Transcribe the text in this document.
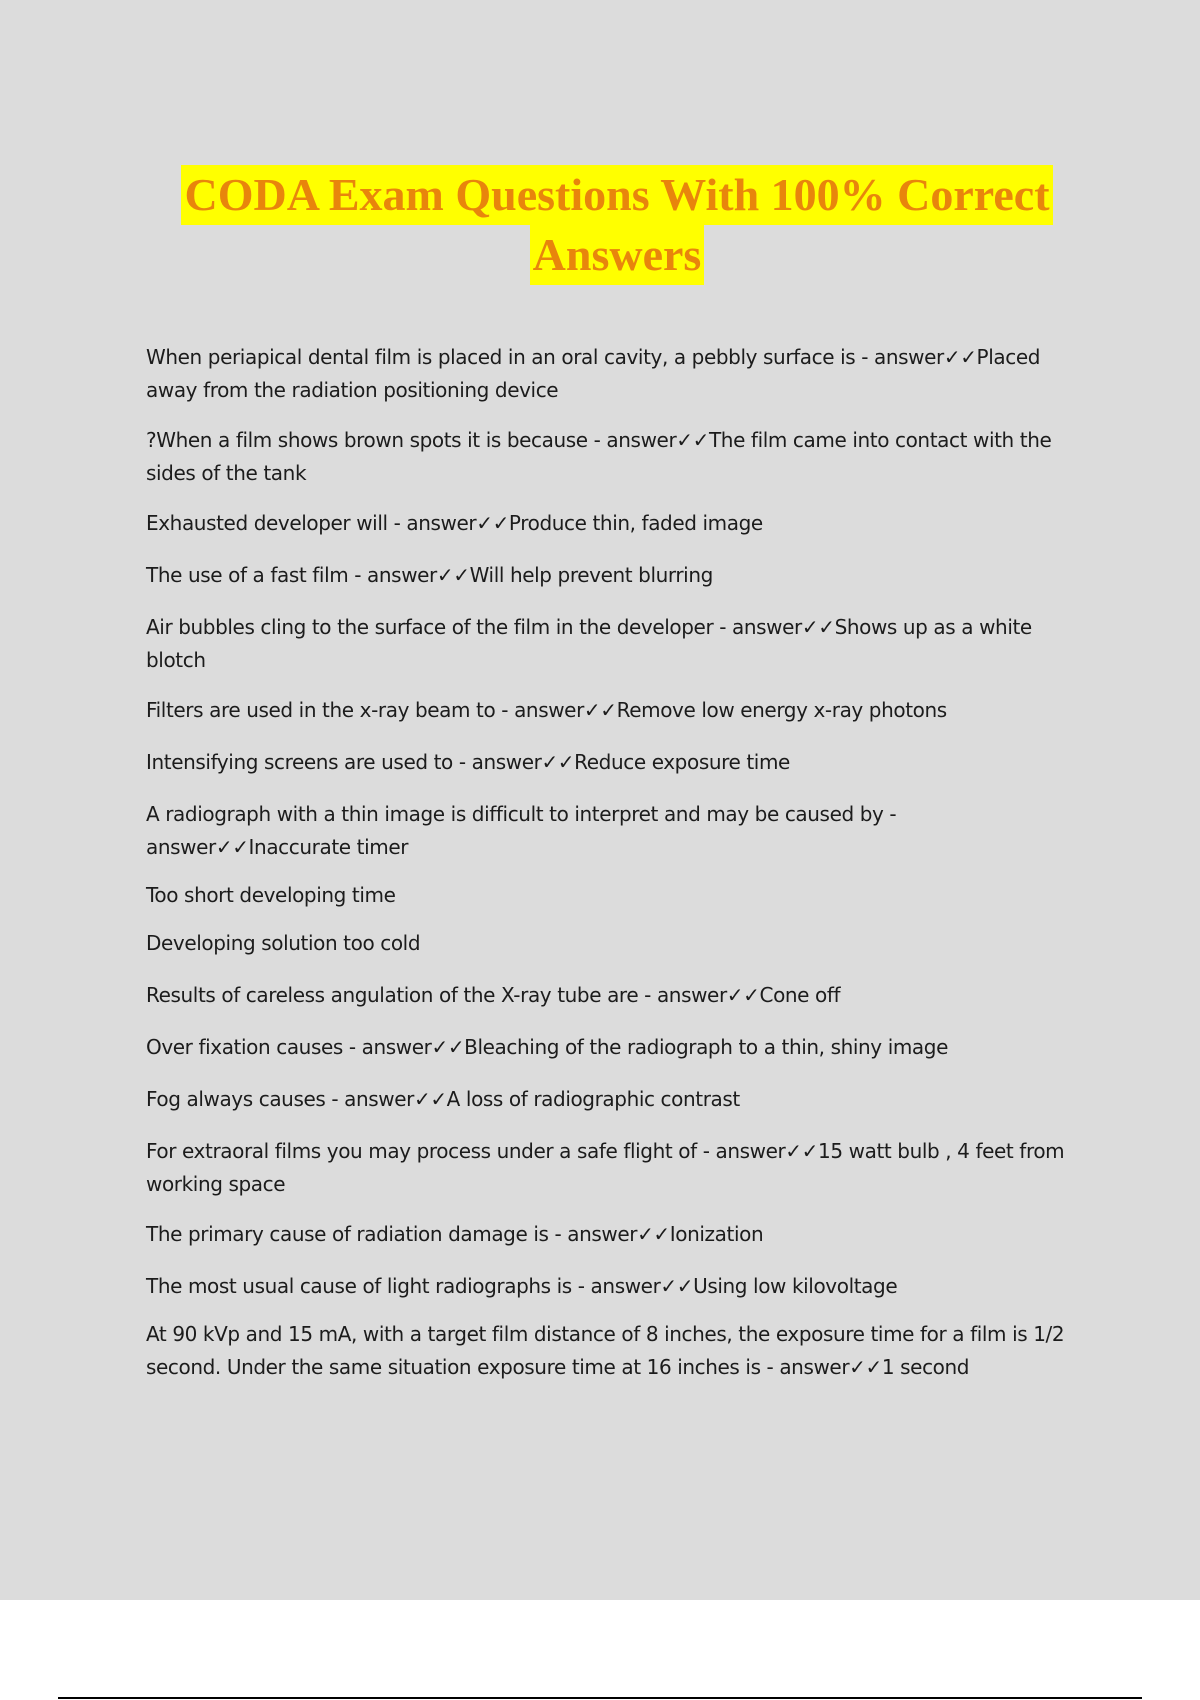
CODA Exam Questions With 100% Correct
Answers

When periapical dental film is placed in an oral cavity, a pebbly surface is - answer✓✓Placed away from the radiation positioning device

?When a film shows brown spots it is because - answer✓✓The film came into contact with the sides of the tank

Exhausted developer will - answer✓✓Produce thin, faded image

The use of a fast film - answer✓✓Will help prevent blurring

Air bubbles cling to the surface of the film in the developer - answer✓✓Shows up as a white blotch

Filters are used in the x-ray beam to - answer✓✓Remove low energy x-ray photons

Intensifying screens are used to - answer✓✓Reduce exposure time

A radiograph with a thin image is difficult to interpret and may be caused by - answer✓✓Inaccurate timer

Too short developing time

Developing solution too cold

Results of careless angulation of the X-ray tube are - answer✓✓Cone off

Over fixation causes - answer✓✓Bleaching of the radiograph to a thin, shiny image

Fog always causes - answer✓✓A loss of radiographic contrast

For extraoral films you may process under a safe flight of - answer✓✓15 watt bulb , 4 feet from working space

The primary cause of radiation damage is - answer✓✓Ionization

The most usual cause of light radiographs is - answer✓✓Using low kilovoltage

At 90 kVp and 15 mA, with a target film distance of 8 inches, the exposure time for a film is 1/2 second. Under the same situation exposure time at 16 inches is - answer✓✓1 second
